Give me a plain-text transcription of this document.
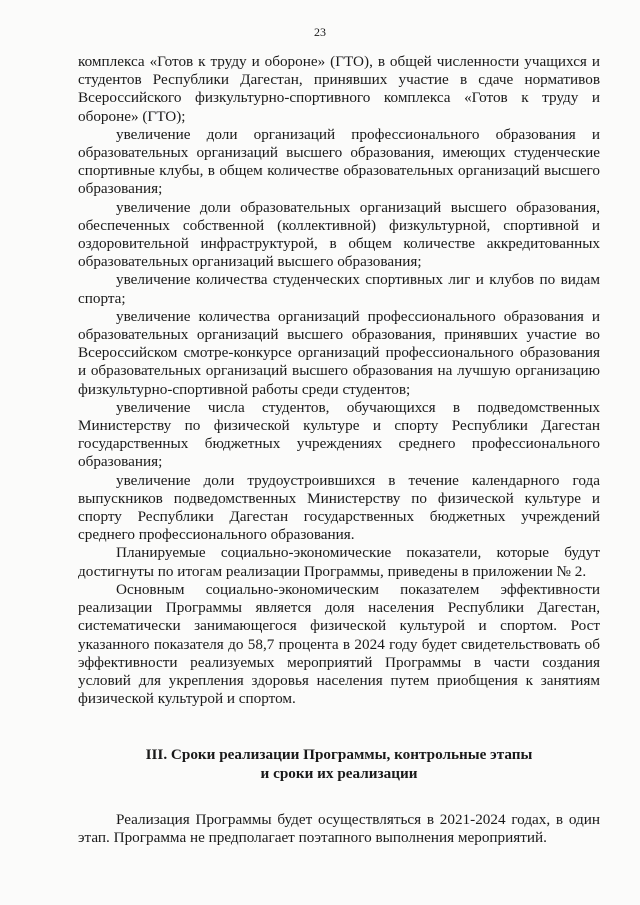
23

комплекса «Готов к труду и обороне» (ГТО), в общей численности учащихся и студентов Республики Дагестан, принявших участие в сдаче нормативов Всероссийского физкультурно-спортивного комплекса «Готов к труду и обороне» (ГТО);

увеличение доли организаций профессионального образования и образовательных организаций высшего образования, имеющих студенческие спортивные клубы, в общем количестве образовательных организаций высшего образования;

увеличение доли образовательных организаций высшего образования, обеспеченных собственной (коллективной) физкультурной, спортивной и оздоровительной инфраструктурой, в общем количестве аккредитованных образовательных организаций высшего образования;

увеличение количества студенческих спортивных лиг и клубов по видам спорта;

увеличение количества организаций профессионального образования и образовательных организаций высшего образования, принявших участие во Всероссийском смотре-конкурсе организаций профессионального образования и образовательных организаций высшего образования на лучшую организацию физкультурно-спортивной работы среди студентов;

увеличение числа студентов, обучающихся в подведомственных Министерству по физической культуре и спорту Республики Дагестан государственных бюджетных учреждениях среднего профессионального образования;

увеличение доли трудоустроившихся в течение календарного года выпускников подведомственных Министерству по физической культуре и спорту Республики Дагестан государственных бюджетных учреждений среднего профессионального образования.

Планируемые социально-экономические показатели, которые будут достигнуты по итогам реализации Программы, приведены в приложении № 2.

Основным социально-экономическим показателем эффективности реализации Программы является доля населения Республики Дагестан, систематически занимающегося физической культурой и спортом. Рост указанного показателя до 58,7 процента в 2024 году будет свидетельствовать об эффективности реализуемых мероприятий Программы в части создания условий для укрепления здоровья населения путем приобщения к занятиям физической культурой и спортом.

III. Сроки реализации Программы, контрольные этапы
и сроки их реализации

Реализация Программы будет осуществляться в 2021-2024 годах, в один этап. Программа не предполагает поэтапного выполнения мероприятий.
